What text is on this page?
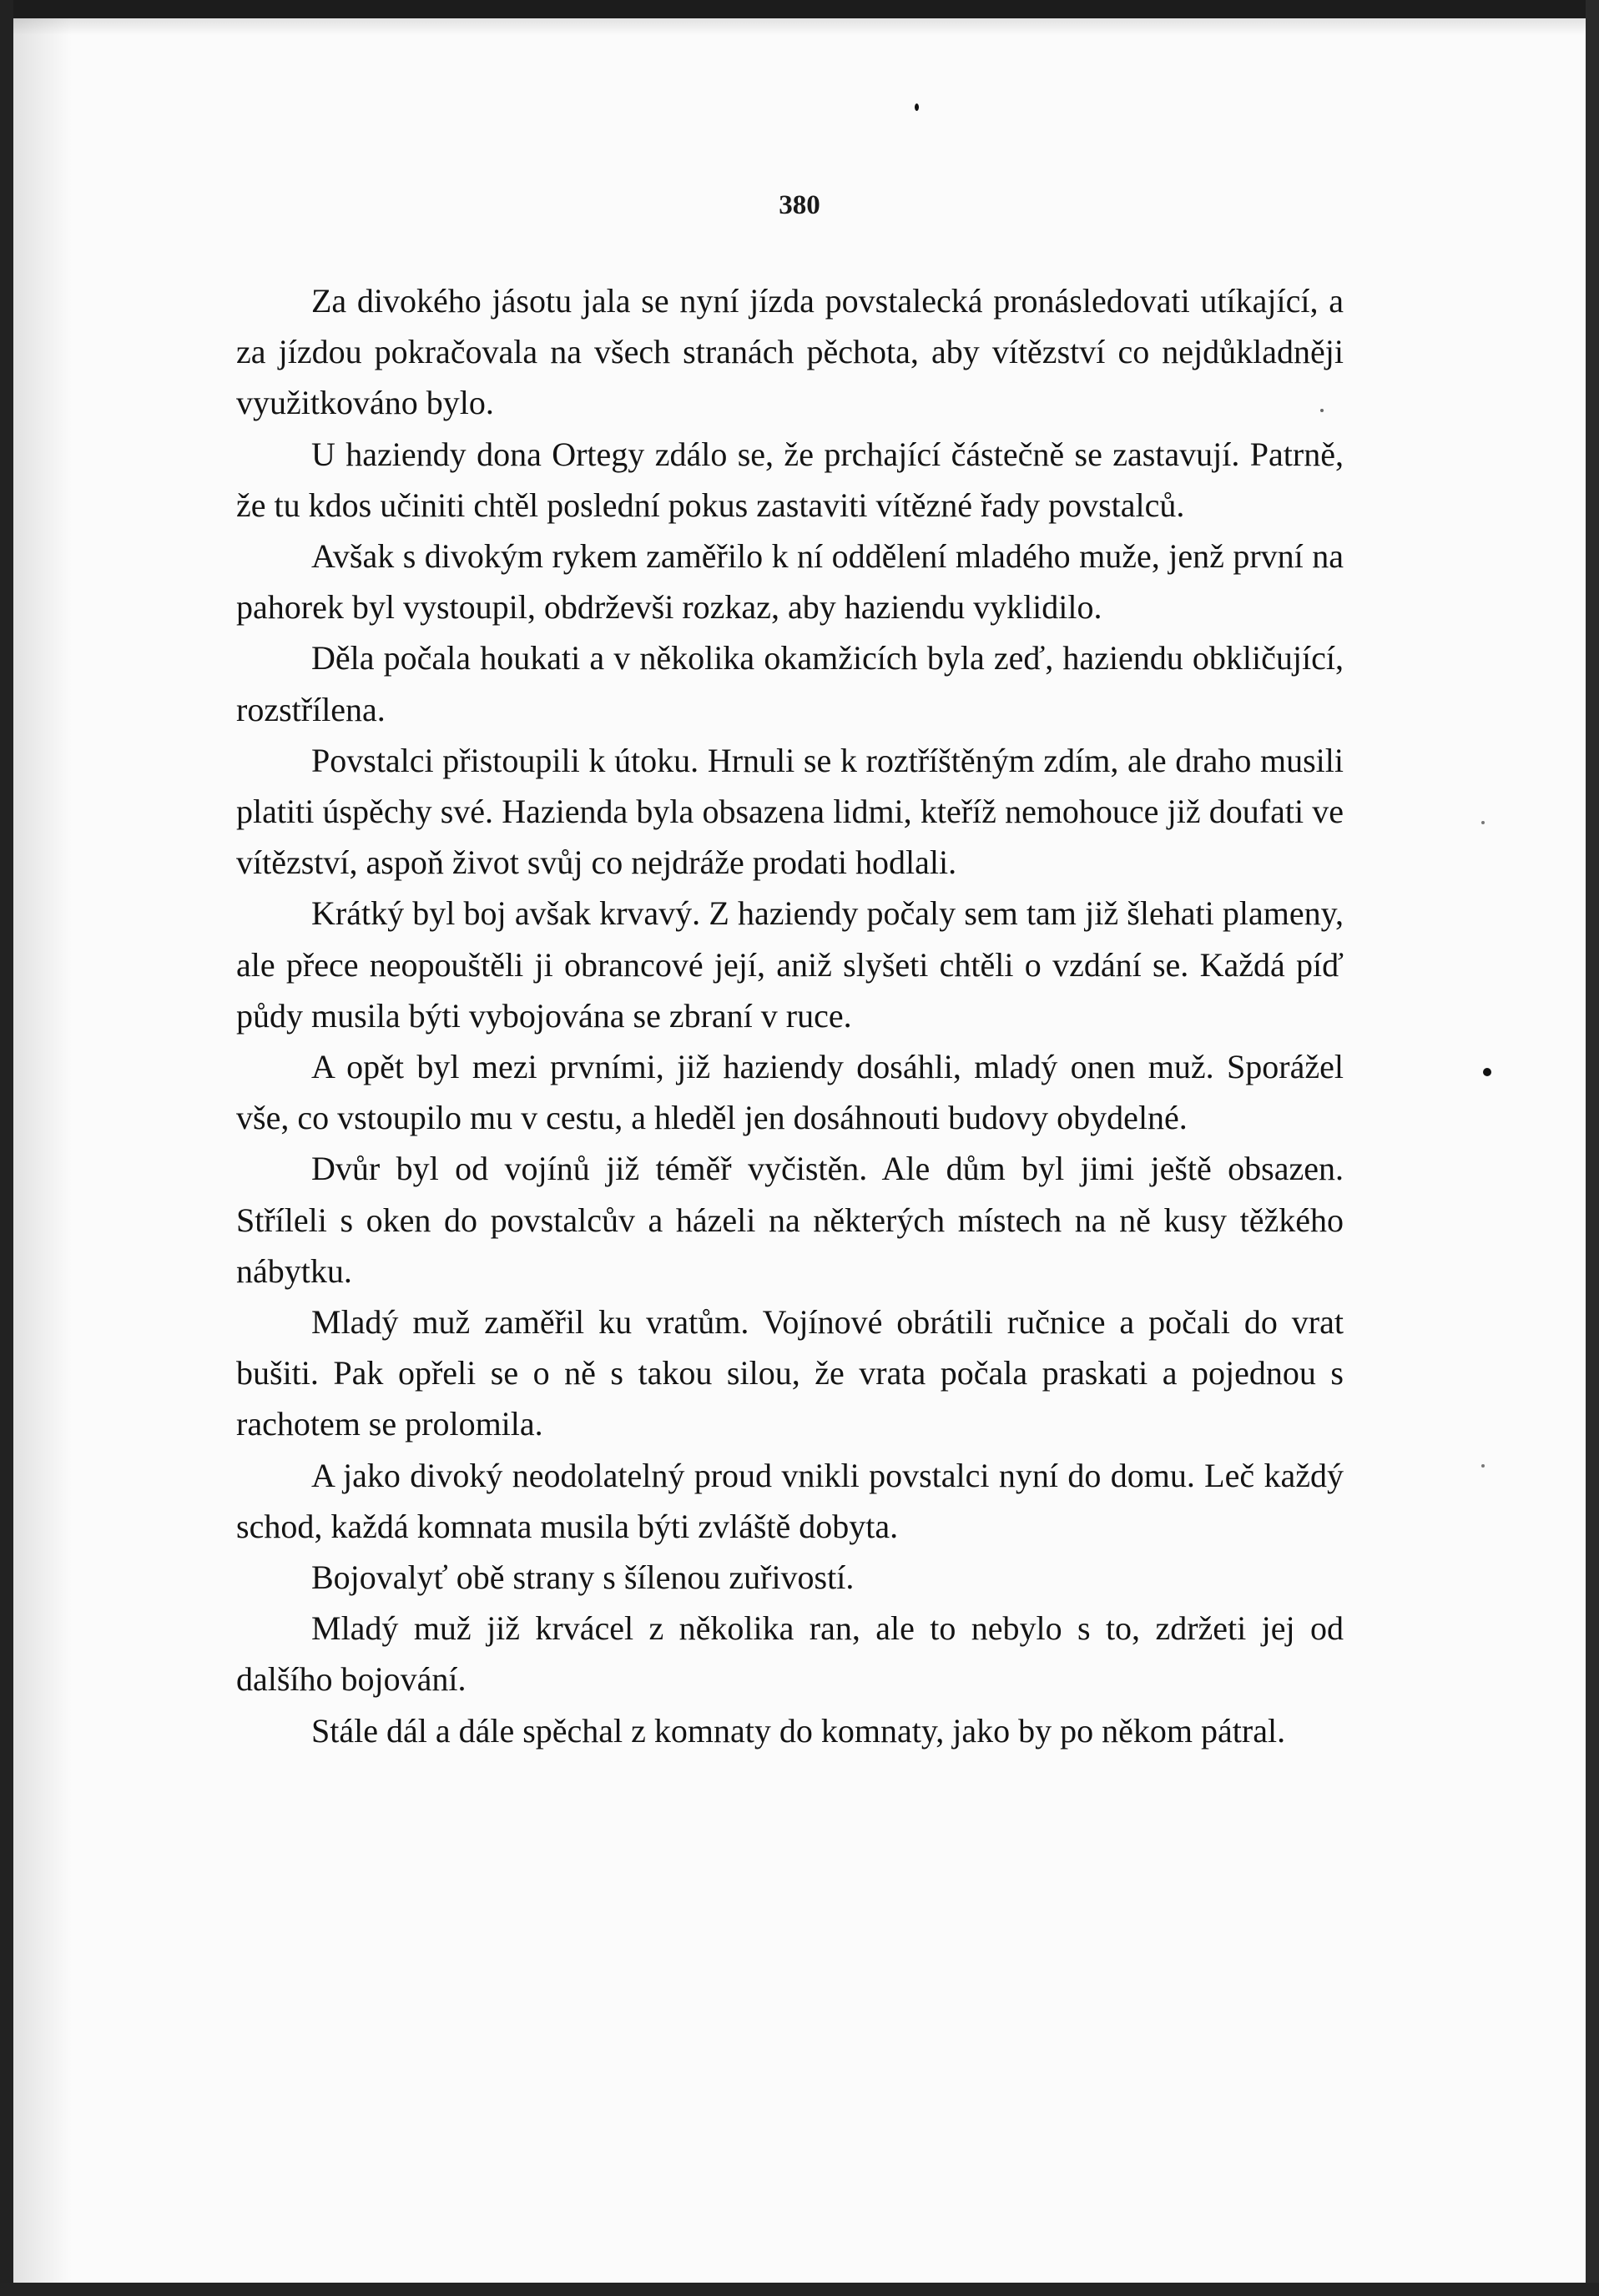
380

Za divokého jásotu jala se nyní jízda povstalecká pronásledovati utíkající, a za jízdou pokračovala na všech stranách pěchota, aby vítězství co nejdůkladněji využitkováno bylo.

U haziendy dona Ortegy zdálo se, že prchající částečně se zastavují. Patrně, že tu kdos učiniti chtěl poslední pokus zastaviti vítězné řady povstalců.

Avšak s divokým rykem zaměřilo k ní oddělení mladého muže, jenž první na pahorek byl vystoupil, obdrževši rozkaz, aby haziendu vyklidilo.

Děla počala houkati a v několika okamžicích byla zeď, haziendu obkličující, rozstřílena.

Povstalci přistoupili k útoku. Hrnuli se k roztříštěným zdím, ale draho musili platiti úspěchy své. Hazienda byla obsazena lidmi, kteříž nemohouce již doufati ve vítězství, aspoň život svůj co nejdráže prodati hodlali.

Krátký byl boj avšak krvavý. Z haziendy počaly sem tam již šlehati plameny, ale přece neopouštěli ji obrancové její, aniž slyšeti chtěli o vzdání se. Každá píď půdy musila býti vybojována se zbraní v ruce.

A opět byl mezi prvními, již haziendy dosáhli, mladý onen muž. Sporážel vše, co vstoupilo mu v cestu, a hleděl jen dosáhnouti budovy obydelné.

Dvůr byl od vojínů již téměř vyčistěn. Ale dům byl jimi ještě obsazen. Stříleli s oken do povstalcův a házeli na některých místech na ně kusy těžkého nábytku.

Mladý muž zaměřil ku vratům. Vojínové obrátili ručnice a počali do vrat bušiti. Pak opřeli se o ně s takou silou, že vrata počala praskati a pojednou s rachotem se prolomila.

A jako divoký neodolatelný proud vnikli povstalci nyní do domu. Leč každý schod, každá komnata musila býti zvláště dobyta.

Bojovalyť obě strany s šílenou zuřivostí.

Mladý muž již krvácel z několika ran, ale to nebylo s to, zdržeti jej od dalšího bojování.

Stále dál a dále spěchal z komnaty do komnaty, jako by po někom pátral.
